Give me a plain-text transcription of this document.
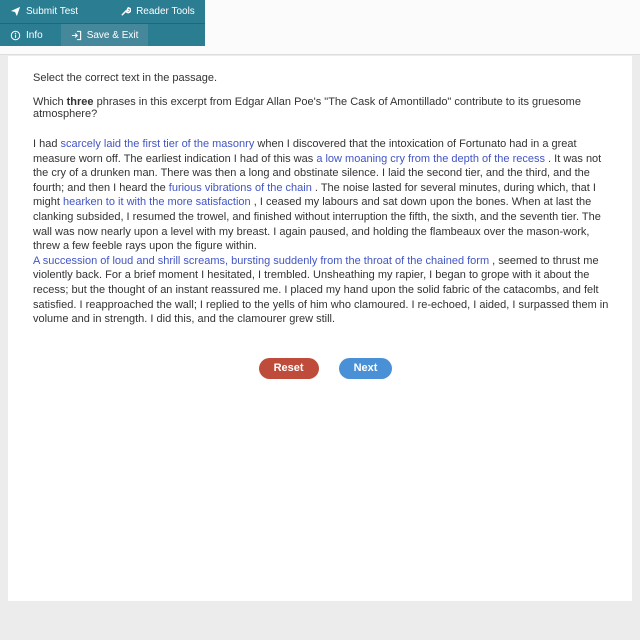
Submit Test	Reader Tools
Info	Save & Exit
Select the correct text in the passage.
Which three phrases in this excerpt from Edgar Allan Poe's "The Cask of Amontillado" contribute to its gruesome atmosphere?
I had scarcely laid the first tier of the masonry when I discovered that the intoxication of Fortunato had in a great measure worn off. The earliest indication I had of this was a low moaning cry from the depth of the recess . It was not the cry of a drunken man. There was then a long and obstinate silence. I laid the second tier, and the third, and the fourth; and then I heard the furious vibrations of the chain . The noise lasted for several minutes, during which, that I might hearken to it with the more satisfaction , I ceased my labours and sat down upon the bones. When at last the clanking subsided, I resumed the trowel, and finished without interruption the fifth, the sixth, and the seventh tier. The wall was now nearly upon a level with my breast. I again paused, and holding the flambeaux over the mason-work, threw a few feeble rays upon the figure within.
A succession of loud and shrill screams, bursting suddenly from the throat of the chained form , seemed to thrust me violently back. For a brief moment I hesitated, I trembled. Unsheathing my rapier, I began to grope with it about the recess; but the thought of an instant reassured me. I placed my hand upon the solid fabric of the catacombs, and felt satisfied. I reapproached the wall; I replied to the yells of him who clamoured. I re-echoed, I aided, I surpassed them in volume and in strength. I did this, and the clamourer grew still.
Reset	Next
